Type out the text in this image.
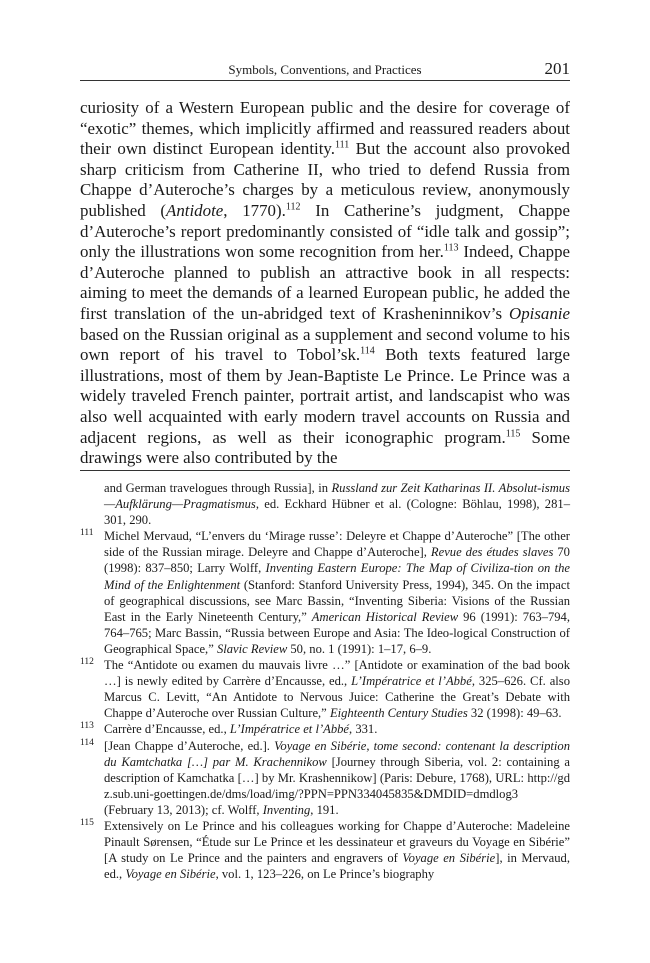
Symbols, Conventions, and Practices	201

curiosity of a Western European public and the desire for coverage of “exotic” themes, which implicitly affirmed and reassured readers about their own distinct European identity.$^{111}$ But the account also provoked sharp criticism from Catherine II, who tried to defend Russia from Chappe d’Auteroche’s charges by a meticulous review, anonymously published (Antidote, 1770).$^{112}$ In Catherine’s judgment, Chappe d’Auteroche’s report predominantly consisted of “idle talk and gossip”; only the illustrations won some recognition from her.$^{113}$ Indeed, Chappe d’Auteroche planned to publish an attractive book in all respects: aiming to meet the demands of a learned European public, he added the first translation of the un-abridged text of Krasheninnikov’s Opisanie based on the Russian original as a supplement and second volume to his own report of his travel to Tobol’sk.$^{114}$ Both texts featured large illustrations, most of them by Jean-Baptiste Le Prince. Le Prince was a widely traveled French painter, portrait artist, and landscapist who was also well acquainted with early modern travel accounts on Russia and adjacent regions, as well as their iconographic program.$^{115}$ Some drawings were also contributed by the

and German travelogues through Russia], in Russland zur Zeit Katharinas II. Absolut-ismus—Aufklärung—Pragmatismus, ed. Eckhard Hübner et al. (Cologne: Böhlau, 1998), 281–301, 290.

111 Michel Mervaud, “L’envers du ‘Mirage russe’: Deleyre et Chappe d’Auteroche” [The other side of the Russian mirage. Deleyre and Chappe d’Auteroche], Revue des études slaves 70 (1998): 837–850; Larry Wolff, Inventing Eastern Europe: The Map of Civiliza-tion on the Mind of the Enlightenment (Stanford: Stanford University Press, 1994), 345. On the impact of geographical discussions, see Marc Bassin, “Inventing Siberia: Visions of the Russian East in the Early Nineteenth Century,” American Historical Review 96 (1991): 763–794, 764–765; Marc Bassin, “Russia between Europe and Asia: The Ideo-logical Construction of Geographical Space,” Slavic Review 50, no. 1 (1991): 1–17, 6–9.

112 The “Antidote ou examen du mauvais livre …” [Antidote or examination of the bad book …] is newly edited by Carrère d’Encausse, ed., L’Impératrice et l’Abbé, 325–626. Cf. also Marcus C. Levitt, “An Antidote to Nervous Juice: Catherine the Great’s Debate with Chappe d’Auteroche over Russian Culture,” Eighteenth Century Studies 32 (1998): 49–63.

113 Carrère d’Encausse, ed., L’Impératrice et l’Abbé, 331.

114 [Jean Chappe d’Auteroche, ed.]. Voyage en Sibérie, tome second: contenant la description du Kamtchatka […] par M. Krachennikow [Journey through Siberia, vol. 2: containing a description of Kamchatka […] by Mr. Krashennikow] (Paris: Debure, 1768), URL: http://gdz.sub.uni-goettingen.de/dms/load/img/?PPN=PPN334045835&DMDID=dmdlog3 (February 13, 2013); cf. Wolff, Inventing, 191.

115 Extensively on Le Prince and his colleagues working for Chappe d’Auteroche: Madeleine Pinault Sørensen, “Étude sur Le Prince et les dessinateur et graveurs du Voyage en Sibérie” [A study on Le Prince and the painters and engravers of Voyage en Sibérie], in Mervaud, ed., Voyage en Sibérie, vol. 1, 123–226, on Le Prince’s biography
